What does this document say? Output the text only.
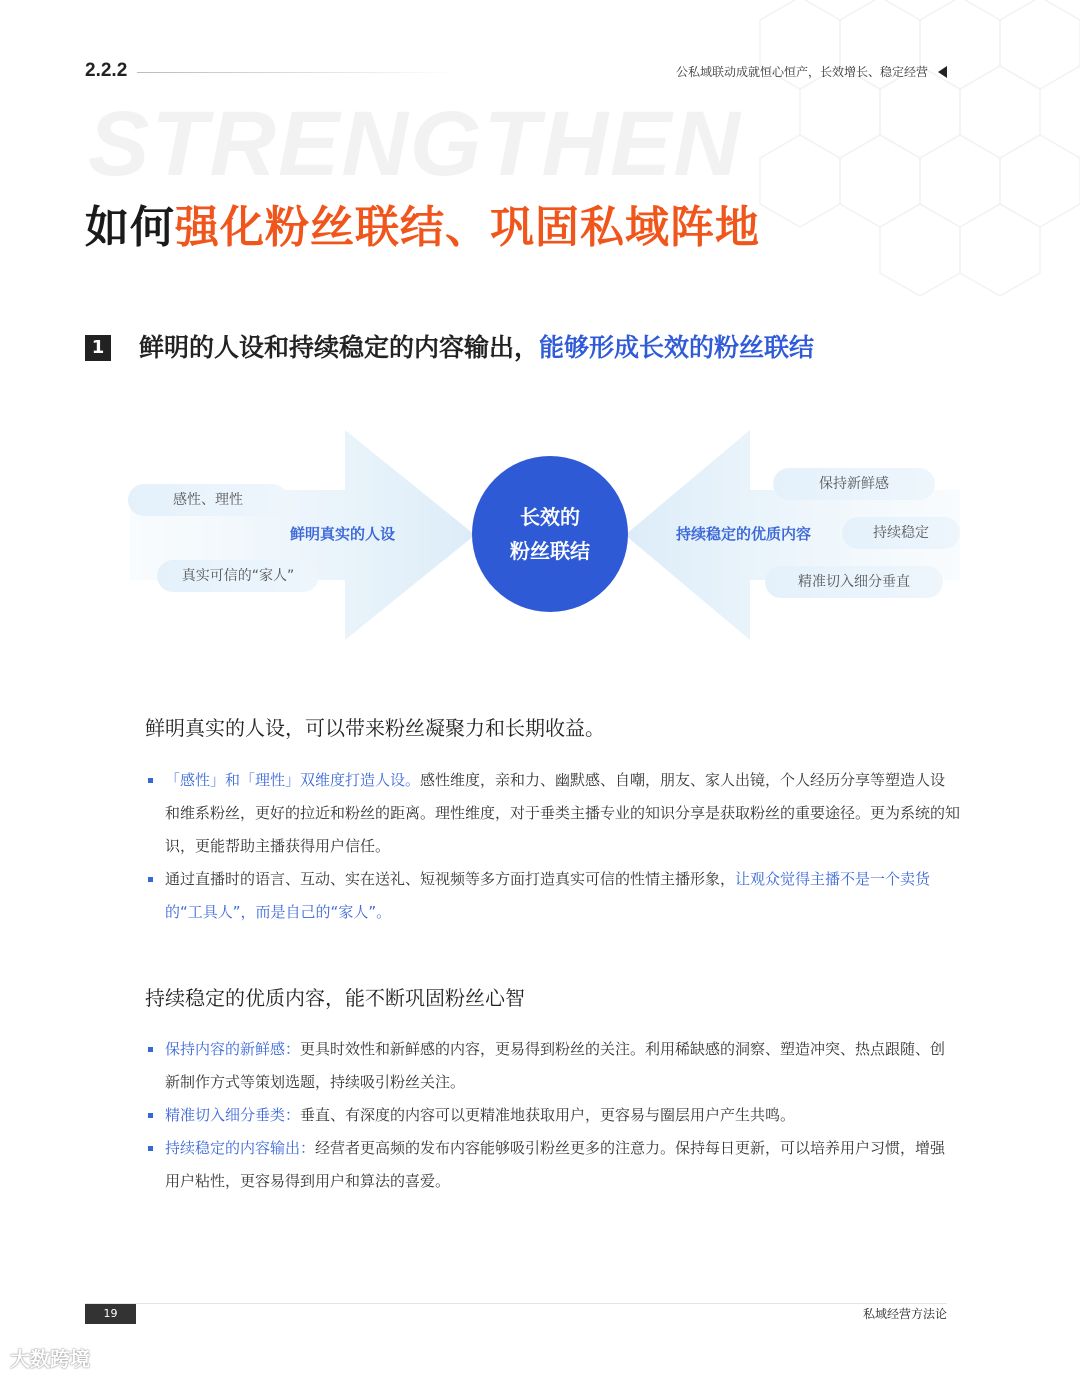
2.2.2	公私域联动成就恒心恒产，长效增长、稳定经营
STRENGTHEN
如何强化粉丝联结、巩固私域阵地
1 鲜明的人设和持续稳定的内容输出，能够形成长效的粉丝联结
感性、理性
真实可信的“家人”
鲜明真实的人设
长效的
粉丝联结
持续稳定的优质内容
保持新鲜感
持续稳定
精准切入细分垂直
鲜明真实的人设，可以带来粉丝凝聚力和长期收益。
「感性」和「理性」双维度打造人设。感性维度，亲和力、幽默感、自嘲，朋友、家人出镜，个人经历分享等塑造人设和维系粉丝，更好的拉近和粉丝的距离。理性维度，对于垂类主播专业的知识分享是获取粉丝的重要途径。更为系统的知识，更能帮助主播获得用户信任。
通过直播时的语言、互动、实在送礼、短视频等多方面打造真实可信的性情主播形象，让观众觉得主播不是一个卖货的“工具人”，而是自己的“家人”。
持续稳定的优质内容，能不断巩固粉丝心智
保持内容的新鲜感：更具时效性和新鲜感的内容，更易得到粉丝的关注。利用稀缺感的洞察、塑造冲突、热点跟随、创新制作方式等策划选题，持续吸引粉丝关注。
精准切入细分垂类：垂直、有深度的内容可以更精准地获取用户，更容易与圈层用户产生共鸣。
持续稳定的内容输出：经营者更高频的发布内容能够吸引粉丝更多的注意力。保持每日更新，可以培养用户习惯，增强用户粘性，更容易得到用户和算法的喜爱。
19	私域经营方法论
大数跨境
